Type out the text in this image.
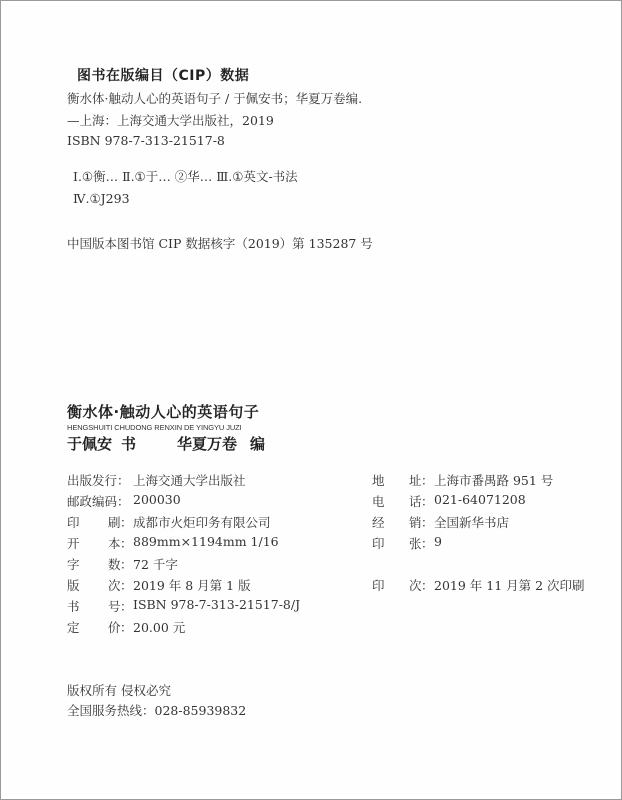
图书在版编目（CIP）数据
衡水体·触动人心的英语句子 / 于佩安书；华夏万卷编.
—上海：上海交通大学出版社，2019
ISBN 978-7-313-21517-8
Ⅰ.①衡… Ⅱ.①于… ②华… Ⅲ.①英文-书法
Ⅳ.①J293
中国版本图书馆 CIP 数据核字（2019）第 135287 号
衡水体·触动人心的英语句子
HENGSHUITI CHUDONG RENXIN DE YINGYU JUZI
于佩安 书	华夏万卷 编
出版发行 ： 上海交通大学出版社
邮政编码 ： 200030
印 刷 ： 成都市火炬印务有限公司
开 本 ： 889mm×1194mm 1/16
字 数 ： 72 千字
版 次 ： 2019 年 8 月第 1 版
书 号 ： ISBN 978-7-313-21517-8/J
定 价 ： 20.00 元
地 址 ： 上海市番禺路 951 号
电 话 ： 021-64071208
经 销 ： 全国新华书店
印 张 ： 9
印 次 ： 2019 年 11 月第 2 次印刷
版权所有 侵权必究
全国服务热线：028-85939832
